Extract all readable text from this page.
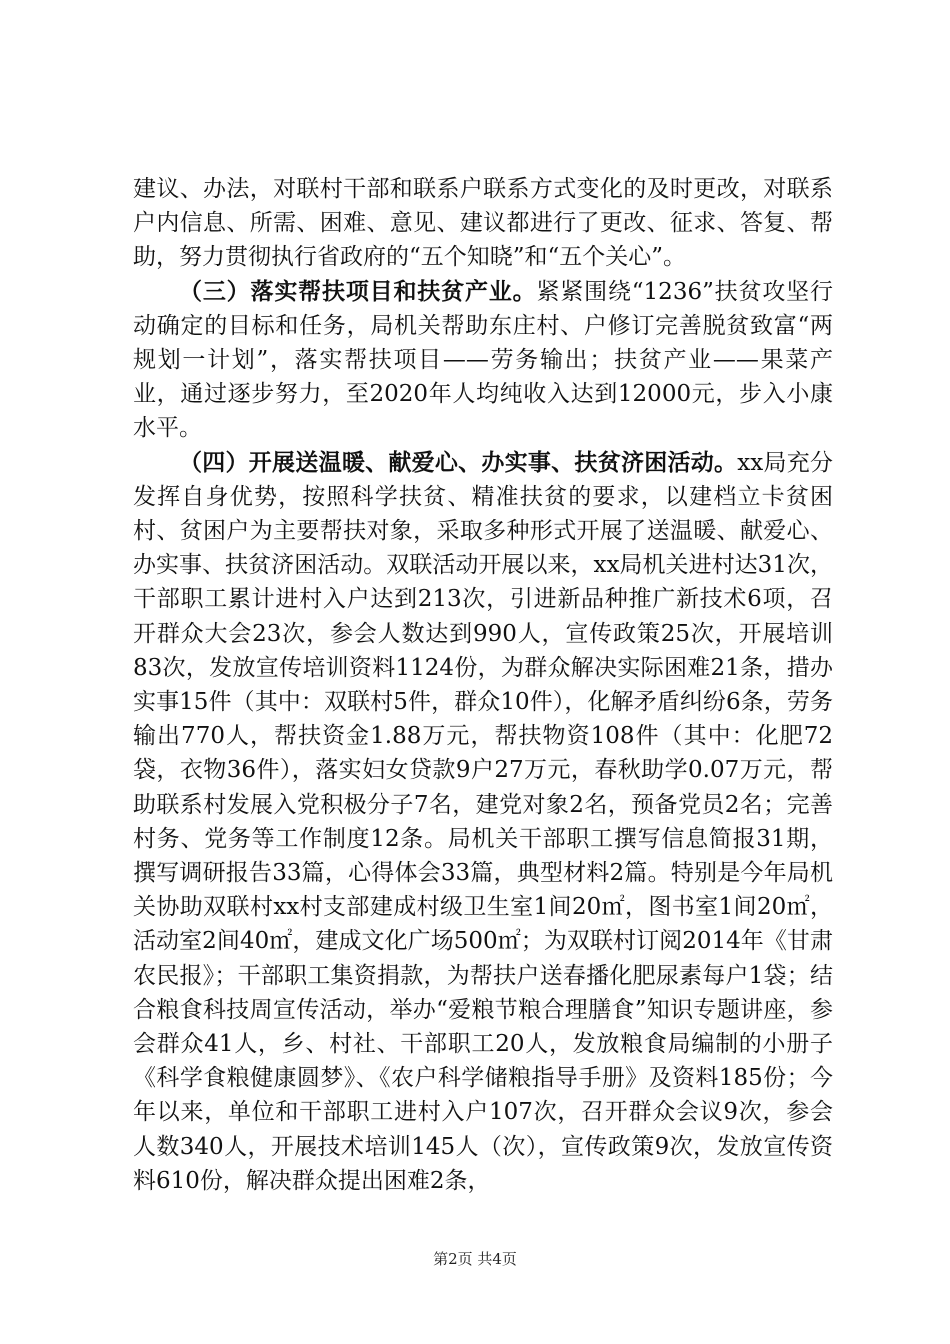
建议、办法，对联村干部和联系户联系方式变化的及时更改，对联系户内信息、所需、困难、意见、建议都进行了更改、征求、答复、帮助，努力贯彻执行省政府的“五个知晓”和“五个关心”。

（三）落实帮扶项目和扶贫产业。紧紧围绕“1236”扶贫攻坚行动确定的目标和任务，局机关帮助东庄村、户修订完善脱贫致富“两规划一计划”，落实帮扶项目——劳务输出；扶贫产业——果菜产业，通过逐步努力，至2020年人均纯收入达到12000元，步入小康水平。

（四）开展送温暖、献爱心、办实事、扶贫济困活动。xx局充分发挥自身优势，按照科学扶贫、精准扶贫的要求，以建档立卡贫困村、贫困户为主要帮扶对象，采取多种形式开展了送温暖、献爱心、办实事、扶贫济困活动。双联活动开展以来，xx局机关进村达31次，干部职工累计进村入户达到213次，引进新品种推广新技术6项，召开群众大会23次，参会人数达到990人，宣传政策25次，开展培训83次，发放宣传培训资料1124份，为群众解决实际困难21条，措办实事15件（其中：双联村5件，群众10件），化解矛盾纠纷6条，劳务输出770人，帮扶资金1.88万元，帮扶物资108件（其中：化肥72袋，衣物36件），落实妇女贷款9户27万元，春秋助学0.07万元，帮助联系村发展入党积极分子7名，建党对象2名，预备党员2名；完善村务、党务等工作制度12条。局机关干部职工撰写信息简报31期，撰写调研报告33篇，心得体会33篇，典型材料2篇。特别是今年局机关协助双联村xx村支部建成村级卫生室1间20㎡，图书室1间20㎡，活动室2间40㎡，建成文化广场500㎡；为双联村订阅2014年《甘肃农民报》；干部职工集资捐款，为帮扶户送春播化肥尿素每户1袋；结合粮食科技周宣传活动，举办“爱粮节粮合理膳食”知识专题讲座，参会群众41人，乡、村社、干部职工20人，发放粮食局编制的小册子《科学食粮健康圆梦》、《农户科学储粮指导手册》及资料185份；今年以来，单位和干部职工进村入户107次，召开群众会议9次，参会人数340人，开展技术培训145人（次），宣传政策9次，发放宣传资料610份，解决群众提出困难2条，

第2页 共4页
